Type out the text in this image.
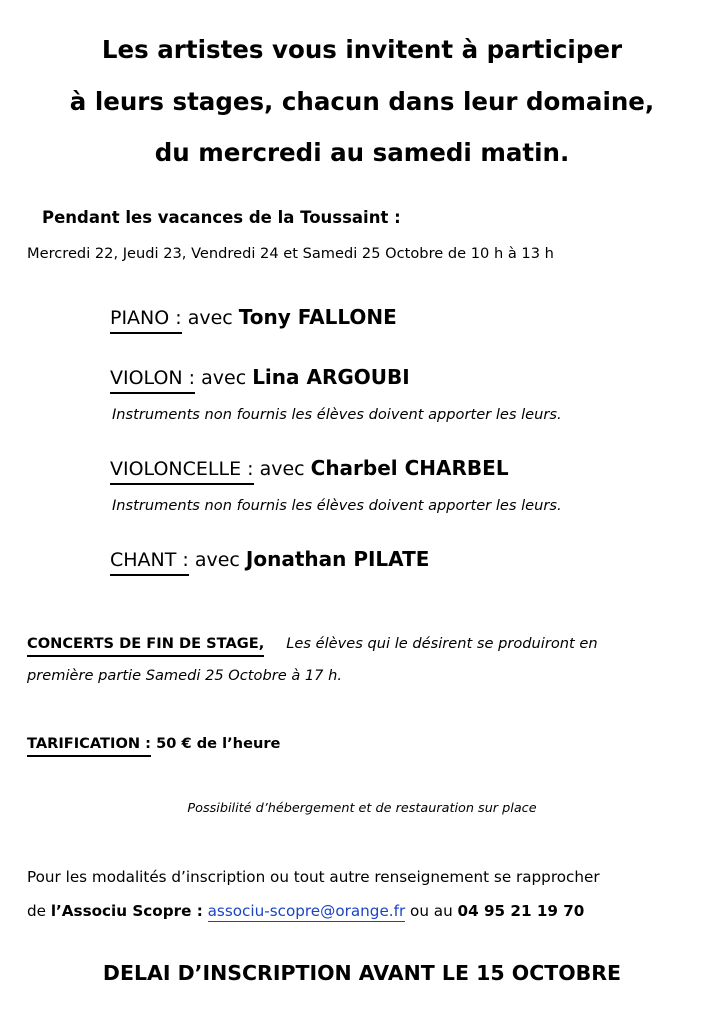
Les artistes vous invitent à participer
à leurs stages, chacun dans leur domaine,
du mercredi au samedi matin.
Pendant les vacances de la Toussaint :
Mercredi 22, Jeudi 23, Vendredi 24 et Samedi 25 Octobre de 10 h à 13 h
PIANO : avec Tony FALLONE
VIOLON : avec Lina ARGOUBI
Instruments non fournis les élèves doivent apporter les leurs.
VIOLONCELLE : avec Charbel CHARBEL
Instruments non fournis les élèves doivent apporter les leurs.
CHANT : avec Jonathan PILATE
CONCERTS DE FIN DE STAGE, Les élèves qui le désirent se produiront en
première partie Samedi 25 Octobre à 17 h.
TARIFICATION : 50 € de l’heure
Possibilité d’hébergement et de restauration sur place
Pour les modalités d’inscription ou tout autre renseignement se rapprocher
de l’Associu Scopre : associu-scopre@orange.fr ou au 04 95 21 19 70
DELAI D’INSCRIPTION AVANT LE 15 OCTOBRE
